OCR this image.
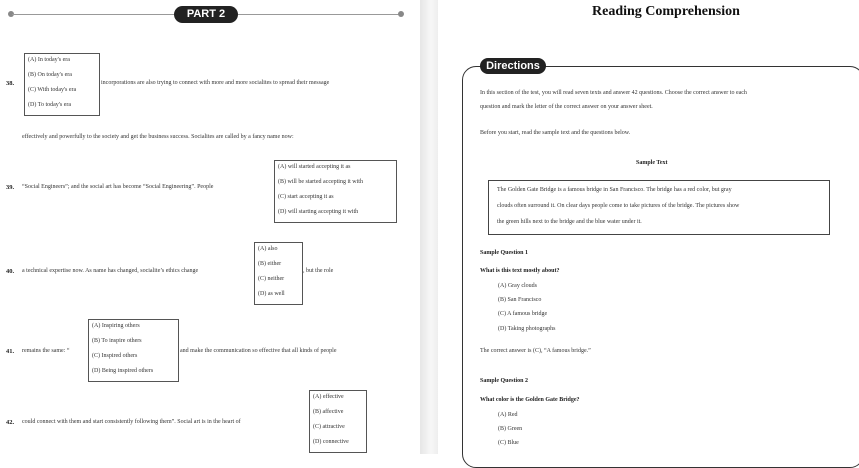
PART 2
38.
(A) In today's era
(B) On today's era
(C) With today's era
(D) To today's era
incorporations are also trying to connect with more and more socialites to spread their message
effectively and powerfully to the society and get the business success. Socialites are called by a fancy name now:
39. “Social Engineers”; and the social art has become “Social Engineering”. People
(A) will started accepting it as
(B) will be started accepting it with
(C) start accepting it as
(D) will starting accepting it with
40. a technical expertise now. As name has changed, socialite’s ethics change
(A) also
(B) either
(C) neither
(D) as well
, but the role
41. remains the same: “
(A) Inspiring others
(B) To inspire others
(C) Inspired others
(D) Being inspired others
and make the communication so effective that all kinds of people
42. could connect with them and start consistently following them”. Social art is in the heart of
(A) effective
(B) affective
(C) attractive
(D) connective
Reading Comprehension
Directions
In this section of the test, you will read seven texts and answer 42 questions. Choose the correct answer to each
question and mark the letter of the correct answer on your answer sheet.
Before you start, read the sample text and the questions below.
Sample Text
The Golden Gate Bridge is a famous bridge in San Francisco. The bridge has a red color, but gray
clouds often surround it. On clear days people come to take pictures of the bridge. The pictures show
the green hills next to the bridge and the blue water under it.
Sample Question 1
What is this text mostly about?
(A) Gray clouds
(B) San Francisco
(C) A famous bridge
(D) Taking photographs
The correct answer is (C), “A famous bridge.”
Sample Question 2
What color is the Golden Gate Bridge?
(A) Red
(B) Green
(C) Blue
